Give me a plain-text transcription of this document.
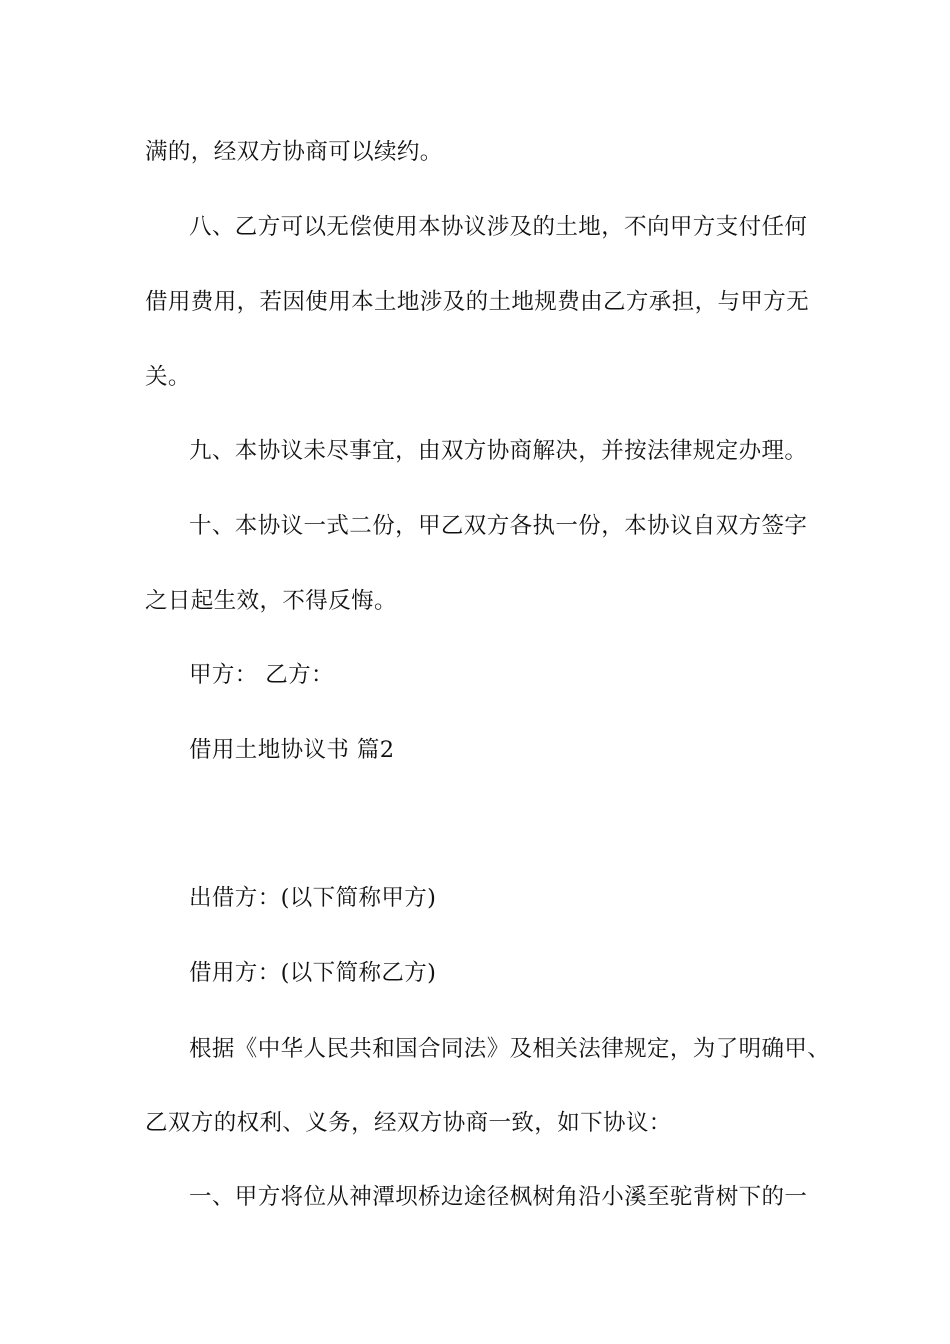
满的，经双方协商可以续约。
八、乙方可以无偿使用本协议涉及的土地，不向甲方支付任何
借用费用，若因使用本土地涉及的土地规费由乙方承担，与甲方无
关。
九、本协议未尽事宜，由双方协商解决，并按法律规定办理。
十、本协议一式二份，甲乙双方各执一份，本协议自双方签字
之日起生效，不得反悔。
甲方： 乙方：
借用土地协议书 篇2
出借方：(以下简称甲方)
借用方：(以下简称乙方)
根据《中华人民共和国合同法》及相关法律规定，为了明确甲、
乙双方的权利、义务，经双方协商一致，如下协议：
一、甲方将位从神潭坝桥边途径枫树角沿小溪至驼背树下的一
